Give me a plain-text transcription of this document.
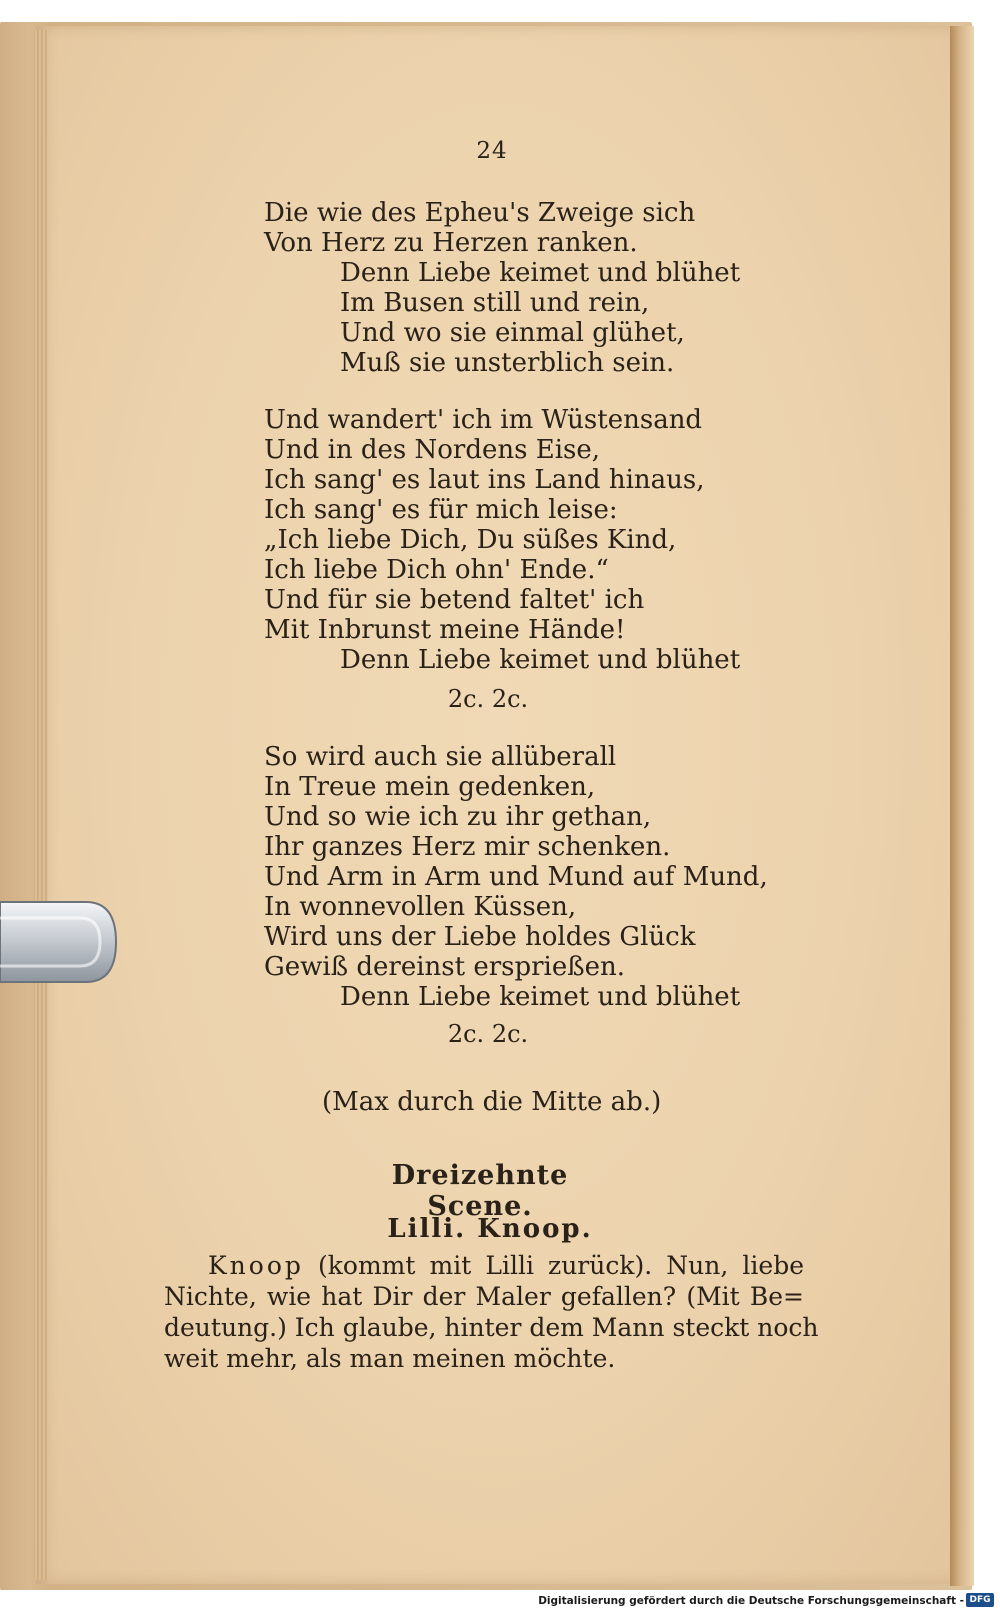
24
Die wie des Epheu's Zweige sich
Von Herz zu Herzen ranken.
Denn Liebe keimet und blühet
Im Busen still und rein,
Und wo sie einmal glühet,
Muß sie unsterblich sein.
Und wandert' ich im Wüstensand
Und in des Nordens Eise,
Ich sang' es laut ins Land hinaus,
Ich sang' es für mich leise:
„Ich liebe Dich, Du süßes Kind,
Ich liebe Dich ohn' Ende.“
Und für sie betend faltet' ich
Mit Inbrunst meine Hände!
Denn Liebe keimet und blühet
2c. 2c.
So wird auch sie allüberall
In Treue mein gedenken,
Und so wie ich zu ihr gethan,
Ihr ganzes Herz mir schenken.
Und Arm in Arm und Mund auf Mund,
In wonnevollen Küssen,
Wird uns der Liebe holdes Glück
Gewiß dereinst ersprießen.
Denn Liebe keimet und blühet
2c. 2c.
(Max durch die Mitte ab.)
Dreizehnte Scene.
Lilli. Knoop.
Knoop (kommt mit Lilli zurück). Nun, liebe
Nichte, wie hat Dir der Maler gefallen? (Mit Be=
deutung.) Ich glaube, hinter dem Mann steckt noch
weit mehr, als man meinen möchte.
Digitalisierung gefördert durch die Deutsche Forschungsgemeinschaft - DFG
